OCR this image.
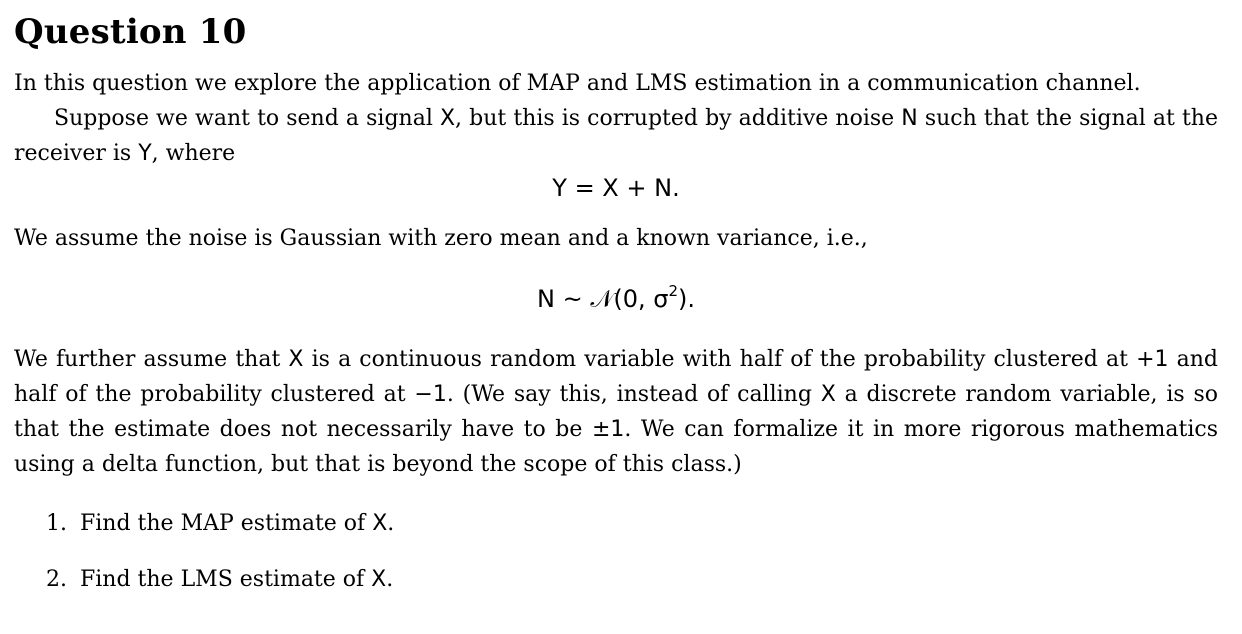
Question 10
In this question we explore the application of MAP and LMS estimation in a communication channel.
Suppose we want to send a signal X, but this is corrupted by additive noise N such that the signal at the receiver is Y, where
Y = X + N.
We assume the noise is Gaussian with zero mean and a known variance, i.e.,
N ~ 𝒩(0, $\sigma^2$).
We further assume that X is a continuous random variable with half of the probability clustered at +1 and half of the probability clustered at −1. (We say this, instead of calling X a discrete random variable, is so that the estimate does not necessarily have to be ±1. We can formalize it in more rigorous mathematics using a delta function, but that is beyond the scope of this class.)
1. Find the MAP estimate of X.
2. Find the LMS estimate of X.
